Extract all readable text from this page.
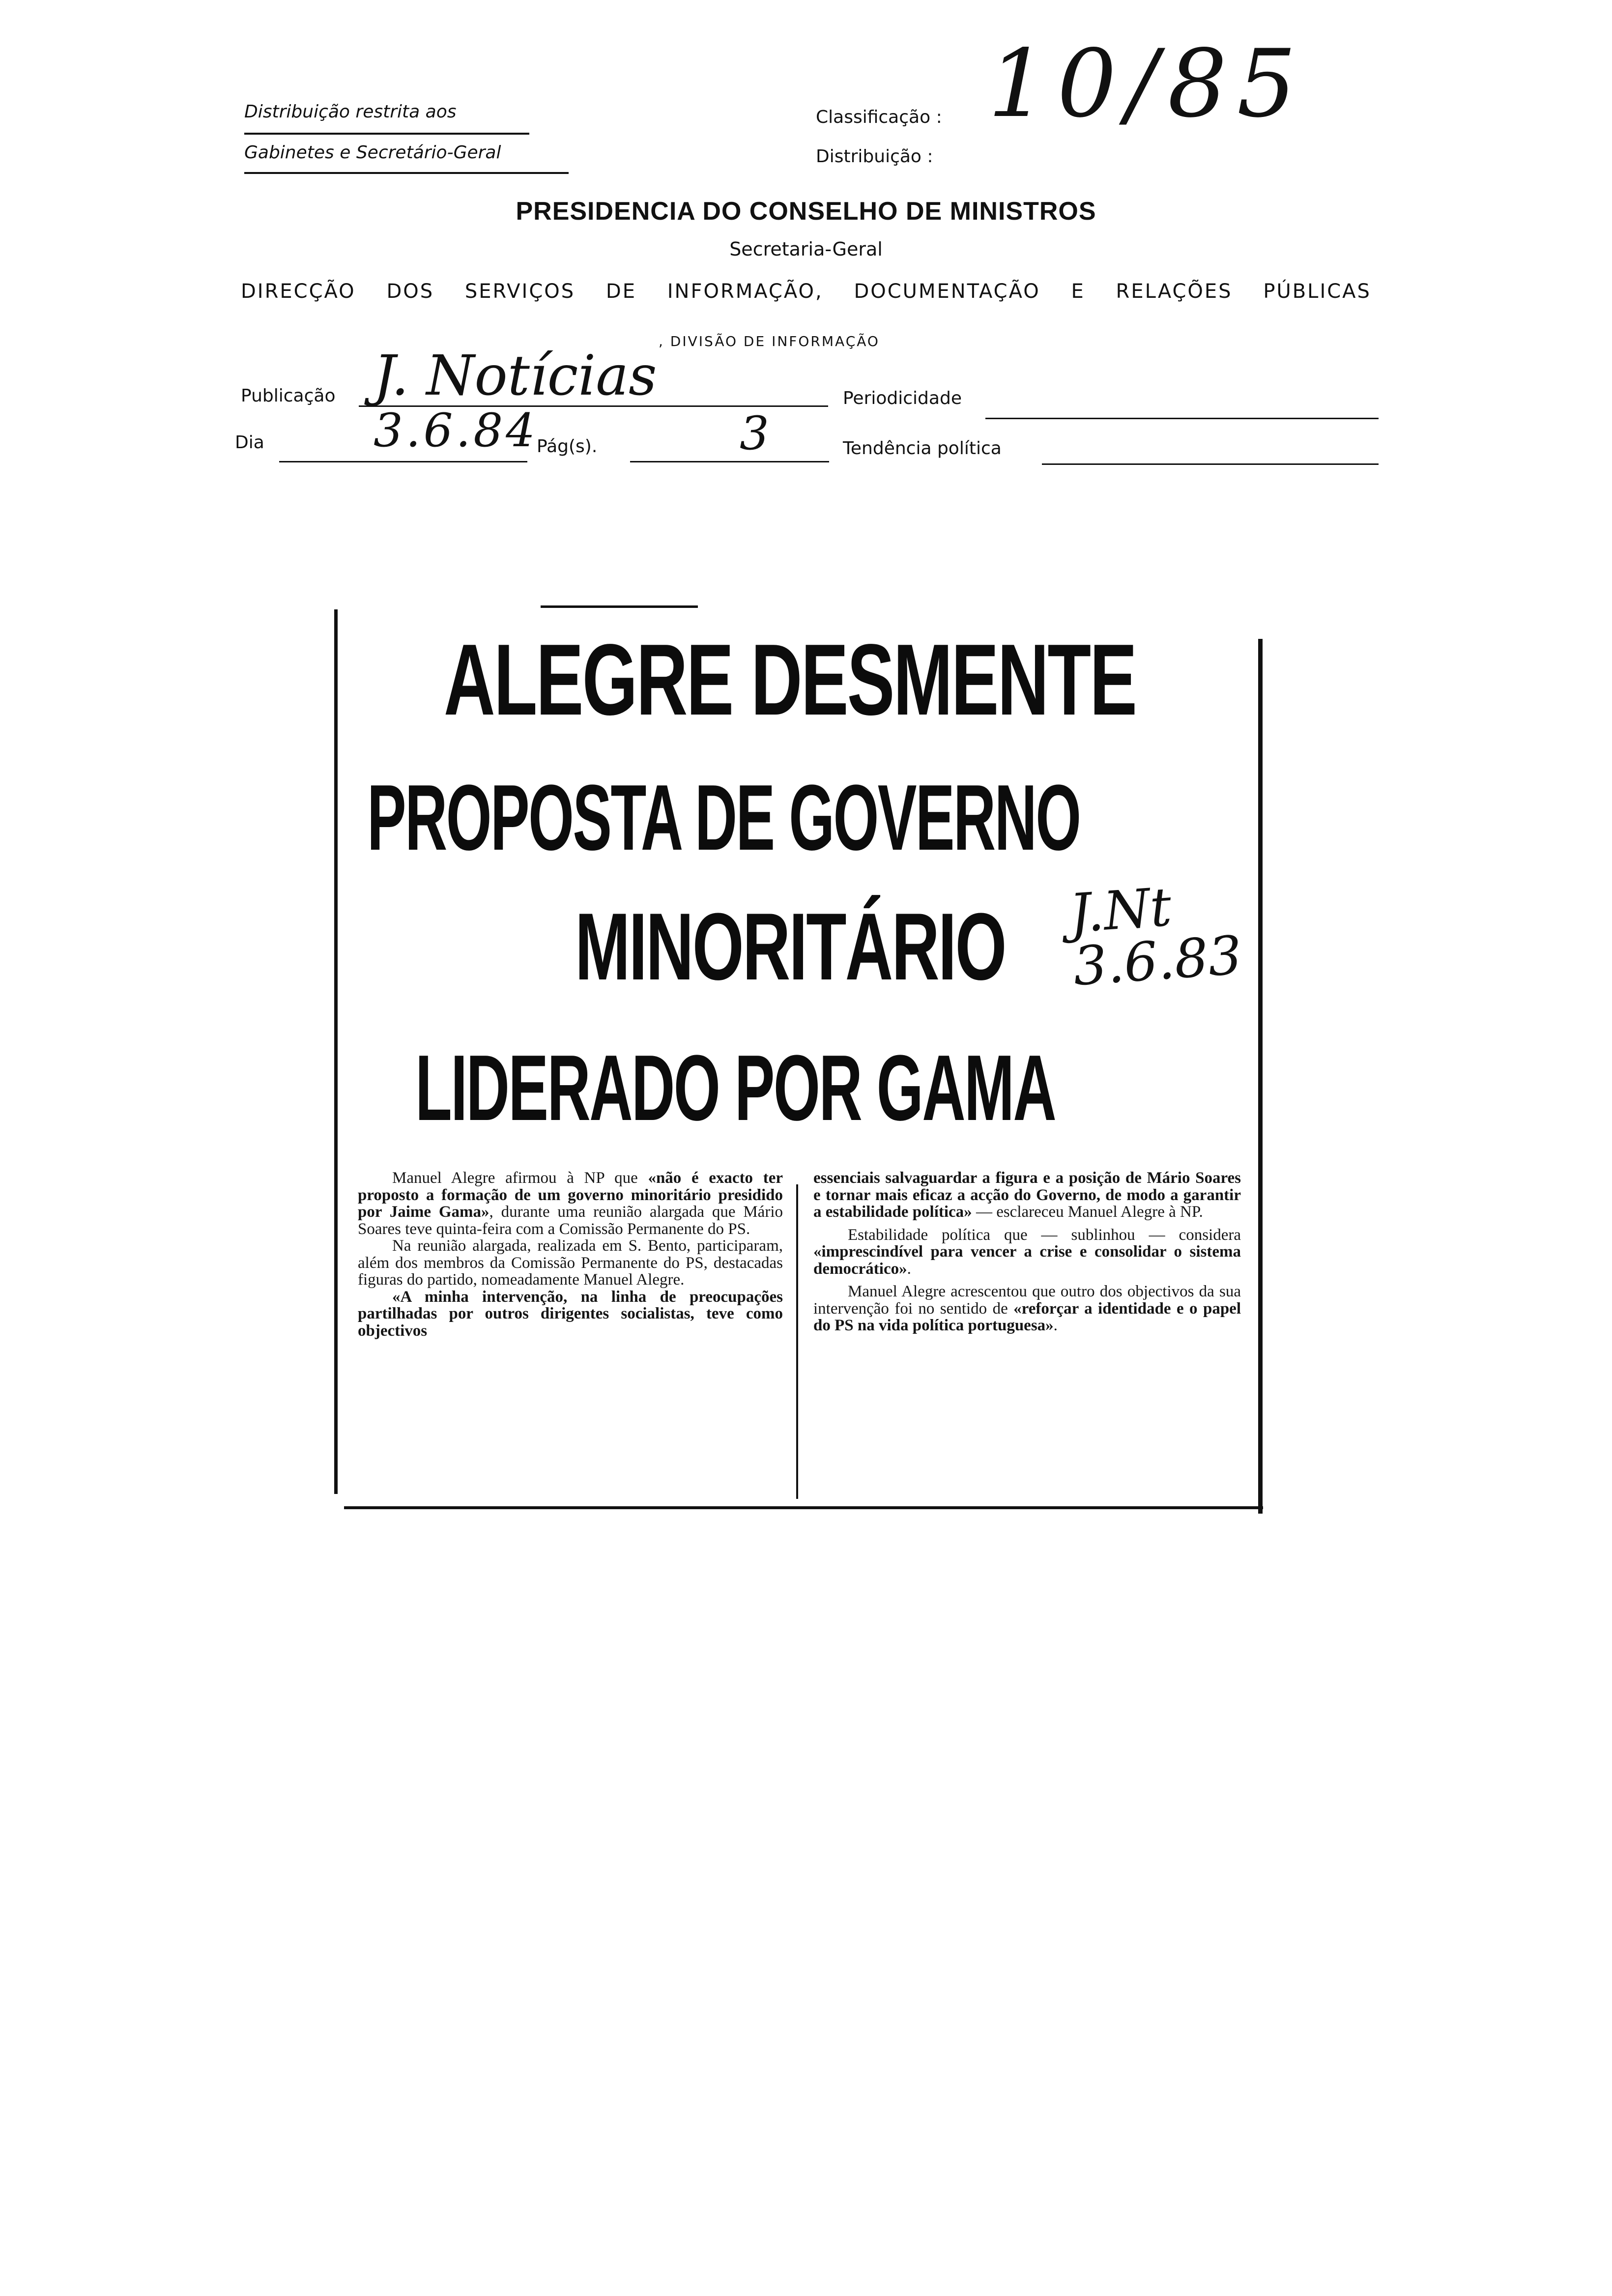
Distribuição restrita aos
Gabinetes e Secretário-Geral
Classificação :
Distribuição :
10/85
PRESIDENCIA DO CONSELHO DE MINISTROS
Secretaria-Geral
DIRECÇÃO DOS SERVIÇOS DE INFORMAÇÃO, DOCUMENTAÇÃO E RELAÇÕES PÚBLICAS
, DIVISÃO DE INFORMAÇÃO
Publicação J. Notícias	Periodicidade
Dia 3.6.84
Pág(s).	3	Tendência política
ALEGRE DESMENTE
PROPOSTA DE GOVERNO
MINORITÁRIO
LIDERADO POR GAMA
J.Nt 3.6.83

Manuel Alegre afirmou à NP que «não é exacto ter proposto a formação de um governo minoritário presidido por Jaime Gama», durante uma reunião alargada que Mário Soares teve quinta-feira com a Comissão Permanente do PS.

Na reunião alargada, realizada em S. Bento, participaram, além dos membros da Comissão Permanente do PS, destacadas figuras do partido, nomeadamente Manuel Alegre.

«A minha intervenção, na linha de preocupações partilhadas por outros dirigentes socialistas, teve como objectivos

essenciais salvaguardar a figura e a posição de Mário Soares e tornar mais eficaz a acção do Governo, de modo a garantir a estabilidade política» — esclareceu Manuel Alegre à NP.

Estabilidade política que — sublinhou — considera «imprescindível para vencer a crise e consolidar o sistema democrático».

Manuel Alegre acrescentou que outro dos objectivos da sua intervenção foi no sentido de «reforçar a identidade e o papel do PS na vida política portuguesa».
